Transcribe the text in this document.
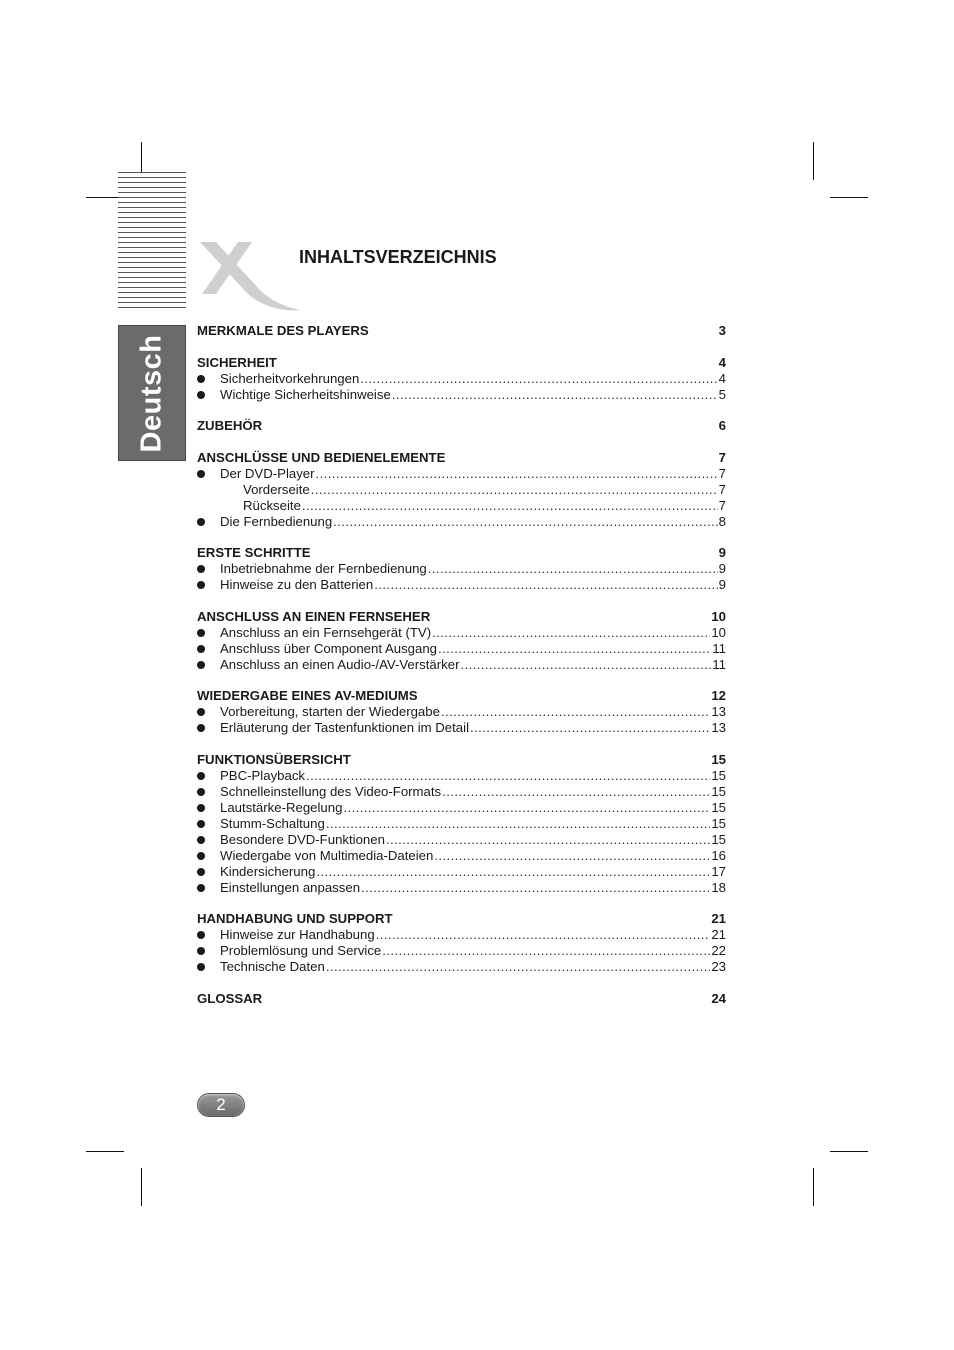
Deutsch
INHALTSVERZEICHNIS
MERKMALE DES PLAYERS	3
SICHERHEIT	4
Sicherheitvorkehrungen .....	4
Wichtige Sicherheitshinweise .....	5
ZUBEHÖR	6
ANSCHLÜSSE UND BEDIENELEMENTE	7
Der DVD-Player .....	7
Vorderseite .....	7
Rückseite .....	7
Die Fernbedienung .....	8
ERSTE SCHRITTE	9
Inbetriebnahme der Fernbedienung .....	9
Hinweise zu den Batterien .....	9
ANSCHLUSS AN EINEN FERNSEHER	10
Anschluss an ein Fernsehgerät (TV) .....	10
Anschluss über Component Ausgang .....	11
Anschluss an einen Audio-/AV-Verstärker .....	11
WIEDERGABE EINES AV-MEDIUMS	12
Vorbereitung, starten der Wiedergabe .....	13
Erläuterung der Tastenfunktionen im Detail .....	13
FUNKTIONSÜBERSICHT	15
PBC-Playback .....	15
Schnelleinstellung des Video-Formats .....	15
Lautstärke-Regelung .....	15
Stumm-Schaltung .....	15
Besondere DVD-Funktionen .....	15
Wiedergabe von Multimedia-Dateien .....	16
Kindersicherung .....	17
Einstellungen anpassen .....	18
HANDHABUNG UND SUPPORT	21
Hinweise zur Handhabung .....	21
Problemlösung und Service .....	22
Technische Daten .....	23
GLOSSAR	24
2
